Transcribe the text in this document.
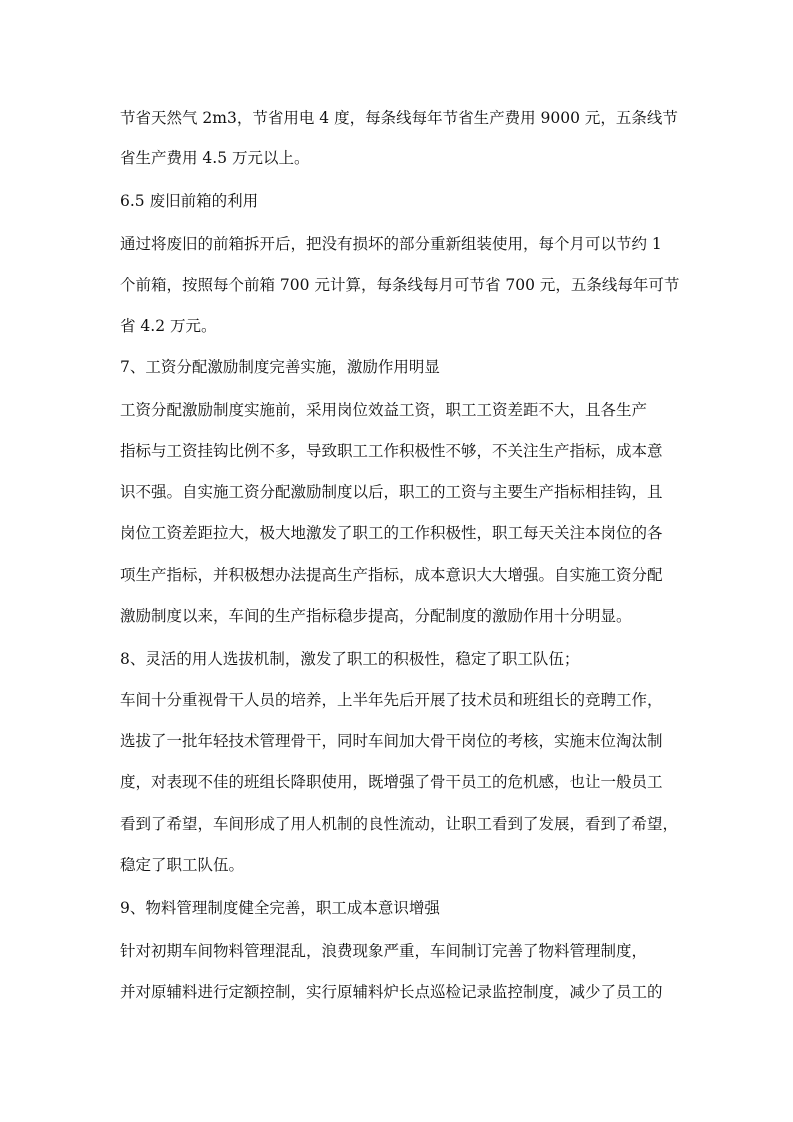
节省天然气 2m3，节省用电 4 度，每条线每年节省生产费用 9000 元，五条线节
省生产费用 4.5 万元以上。
6.5 废旧前箱的利用
通过将废旧的前箱拆开后，把没有损坏的部分重新组装使用，每个月可以节约 1
个前箱，按照每个前箱 700 元计算，每条线每月可节省 700 元，五条线每年可节
省 4.2 万元。
7、工资分配激励制度完善实施，激励作用明显
工资分配激励制度实施前，采用岗位效益工资，职工工资差距不大，且各生产
指标与工资挂钩比例不多，导致职工工作积极性不够，不关注生产指标，成本意
识不强。自实施工资分配激励制度以后，职工的工资与主要生产指标相挂钩，且
岗位工资差距拉大，极大地激发了职工的工作积极性，职工每天关注本岗位的各
项生产指标，并积极想办法提高生产指标，成本意识大大增强。自实施工资分配
激励制度以来，车间的生产指标稳步提高，分配制度的激励作用十分明显。
8、灵活的用人选拔机制，激发了职工的积极性，稳定了职工队伍；
车间十分重视骨干人员的培养，上半年先后开展了技术员和班组长的竞聘工作，
选拔了一批年轻技术管理骨干，同时车间加大骨干岗位的考核，实施末位淘汰制
度，对表现不佳的班组长降职使用，既增强了骨干员工的危机感，也让一般员工
看到了希望，车间形成了用人机制的良性流动，让职工看到了发展，看到了希望，
稳定了职工队伍。
9、物料管理制度健全完善，职工成本意识增强
针对初期车间物料管理混乱，浪费现象严重，车间制订完善了物料管理制度，
并对原辅料进行定额控制，实行原辅料炉长点巡检记录监控制度，减少了员工的
